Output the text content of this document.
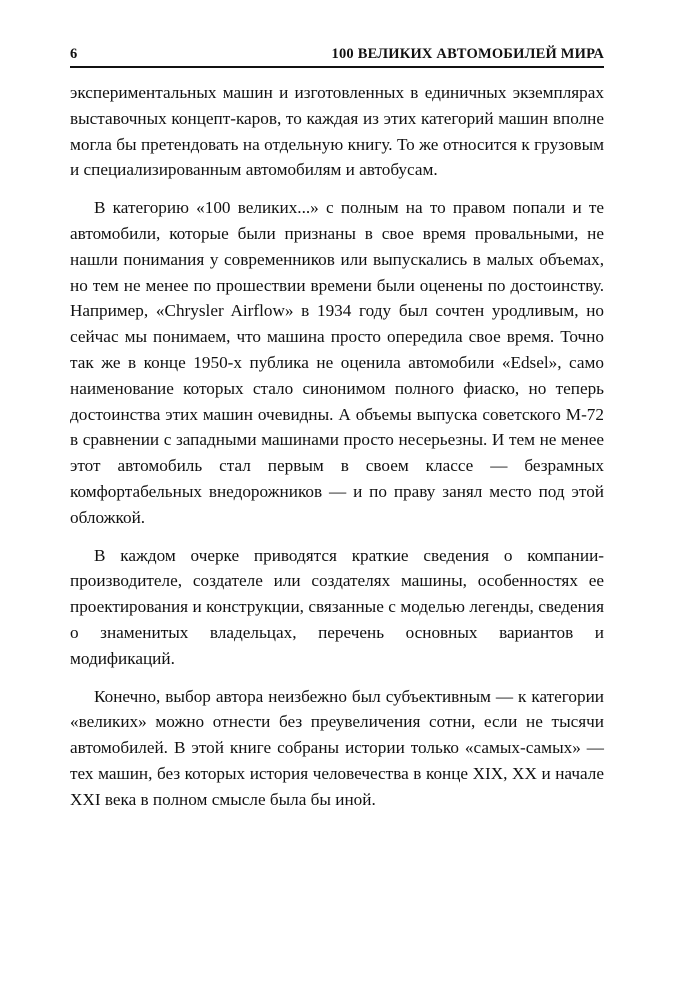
6	100 ВЕЛИКИХ АВТОМОБИЛЕЙ МИРА

экспериментальных машин и изготовленных в единичных экземплярах выставочных концепт-каров, то каждая из этих категорий машин вполне могла бы претендовать на отдельную книгу. То же относится к грузовым и специализированным автомобилям и автобусам.

В категорию «100 великих...» с полным на то правом попали и те автомобили, которые были признаны в свое время провальными, не нашли понимания у современников или выпускались в малых объемах, но тем не менее по прошествии времени были оценены по достоинству. Например, «Chrysler Airflow» в 1934 году был сочтен уродливым, но сейчас мы понимаем, что машина просто опередила свое время. Точно так же в конце 1950-х публика не оценила автомобили «Edsel», само наименование которых стало синонимом полного фиаско, но теперь достоинства этих машин очевидны. А объемы выпуска советского М-72 в сравнении с западными машинами просто несерьезны. И тем не менее этот автомобиль стал первым в своем классе — безрамных комфортабельных внедорожников — и по праву занял место под этой обложкой.

В каждом очерке приводятся краткие сведения о компании-производителе, создателе или создателях машины, особенностях ее проектирования и конструкции, связанные с моделью легенды, сведения о знаменитых владельцах, перечень основных вариантов и модификаций.

Конечно, выбор автора неизбежно был субъективным — к категории «великих» можно отнести без преувеличения сотни, если не тысячи автомобилей. В этой книге собраны истории только «самых-самых» — тех машин, без которых история человечества в конце XIX, XX и начале XXI века в полном смысле была бы иной.
